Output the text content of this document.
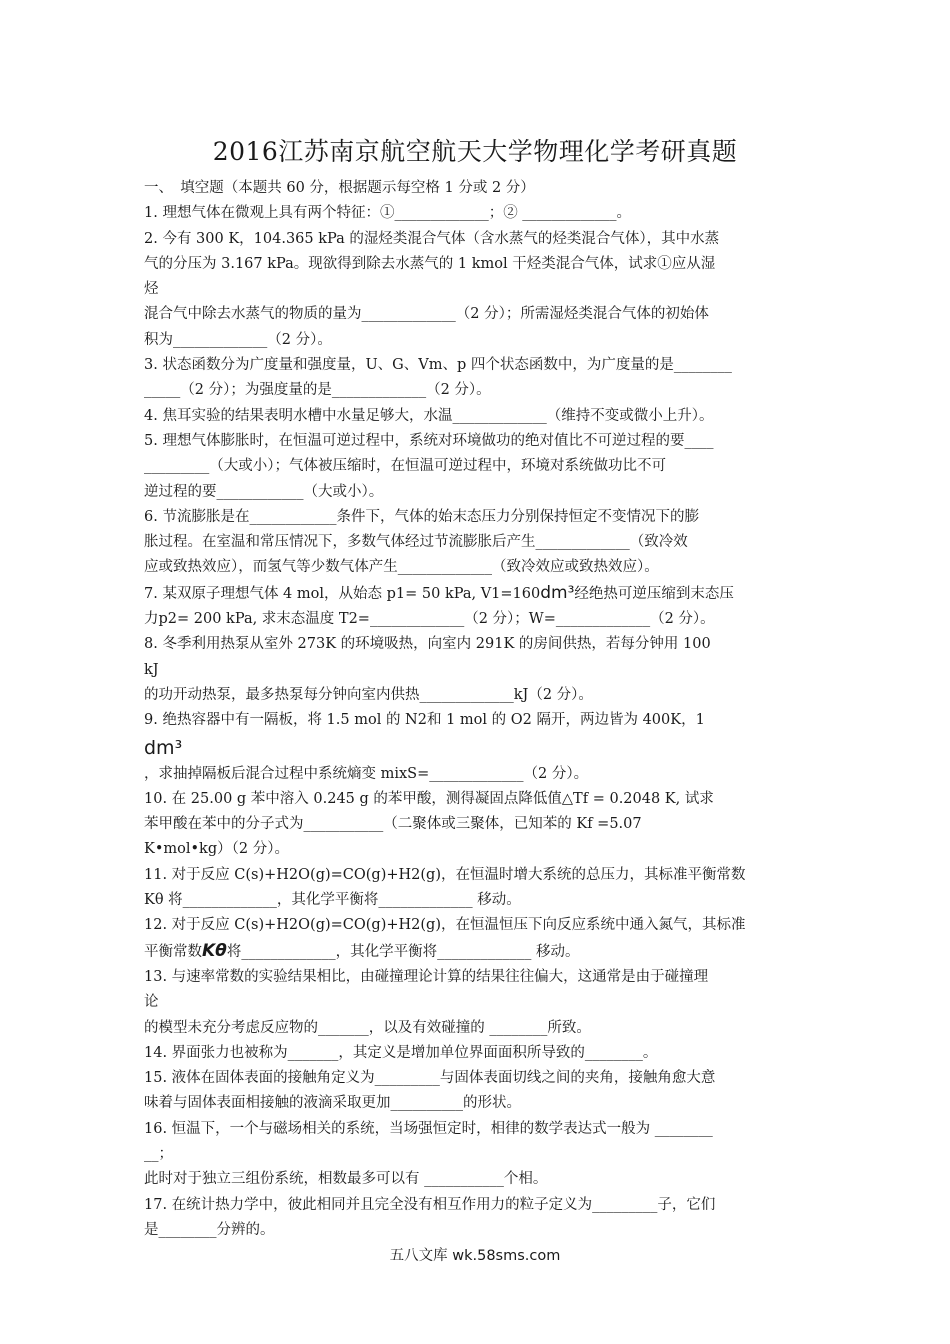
2016江苏南京航空航天大学物理化学考研真题
一、　填空题（本题共 60 分，根据题示每空格 1 分或 2 分）
1. 理想气体在微观上具有两个特征：①_____________；② _____________。
2. 今有 300 K，104.365 kPa 的湿烃类混合气体（含水蒸气的烃类混合气体），其中水蒸
气的分压为 3.167 kPa。现欲得到除去水蒸气的 1 kmol 干烃类混合气体，试求①应从湿
烃
混合气中除去水蒸气的物质的量为_____________（2 分）；所需湿烃类混合气体的初始体
积为_____________（2 分）。
3. 状态函数分为广度量和强度量，U、G、Vm、p 四个状态函数中，为广度量的是________
_____（2 分）；为强度量的是_____________（2 分）。
4. 焦耳实验的结果表明水槽中水量足够大，水温_____________（维持不变或微小上升）。
5. 理想气体膨胀时，在恒温可逆过程中，系统对环境做功的绝对值比不可逆过程的要____
_________（大或小）；气体被压缩时，在恒温可逆过程中，环境对系统做功比不可
逆过程的要____________（大或小）。
6. 节流膨胀是在____________条件下，气体的始末态压力分别保持恒定不变情况下的膨
胀过程。在室温和常压情况下，多数气体经过节流膨胀后产生_____________（致冷效
应或致热效应），而氢气等少数气体产生_____________（致冷效应或致热效应）。
7. 某双原子理想气体 4 mol，从始态 p1= 50 kPa, V1=160dm³经绝热可逆压缩到末态压
力p2= 200 kPa, 求末态温度 T2=_____________（2 分）；W=_____________（2 分）。
8. 冬季利用热泵从室外 273K 的环境吸热，向室内 291K 的房间供热，若每分钟用 100
kJ
的功开动热泵，最多热泵每分钟向室内供热_____________kJ（2 分）。
9. 绝热容器中有一隔板，将 1.5 mol 的 N2和 1 mol 的 O2 隔开，两边皆为 400K，1
dm³
，求抽掉隔板后混合过程中系统熵变 mixS=_____________（2 分）。
10. 在 25.00 g 苯中溶入 0.245 g 的苯甲酸，测得凝固点降低值△Tf = 0.2048 K, 试求
苯甲酸在苯中的分子式为___________（二聚体或三聚体，已知苯的 Kf =5.07
K•mol•kg）（2 分）。
11. 对于反应 C(s)+H2O(g)=CO(g)+H2(g)，在恒温时增大系统的总压力，其标准平衡常数
Kθ 将_____________，其化学平衡将_____________ 移动。
12. 对于反应 C(s)+H2O(g)=CO(g)+H2(g)，在恒温恒压下向反应系统中通入氮气，其标准
平衡常数Kθ将_____________，其化学平衡将_____________ 移动。
13. 与速率常数的实验结果相比，由碰撞理论计算的结果往往偏大，这通常是由于碰撞理
论
的模型未充分考虑反应物的_______，以及有效碰撞的 ________所致。
14. 界面张力也被称为_______，其定义是增加单位界面面积所导致的________。
15. 液体在固体表面的接触角定义为_________与固体表面切线之间的夹角，接触角愈大意
味着与固体表面相接触的液滴采取更加__________的形状。
16. 恒温下，一个与磁场相关的系统，当场强恒定时，相律的数学表达式一般为 ________
__；
此时对于独立三组份系统，相数最多可以有 ___________个相。
17. 在统计热力学中，彼此相同并且完全没有相互作用力的粒子定义为_________子，它们
是________分辨的。
五八文库 wk.58sms.com
